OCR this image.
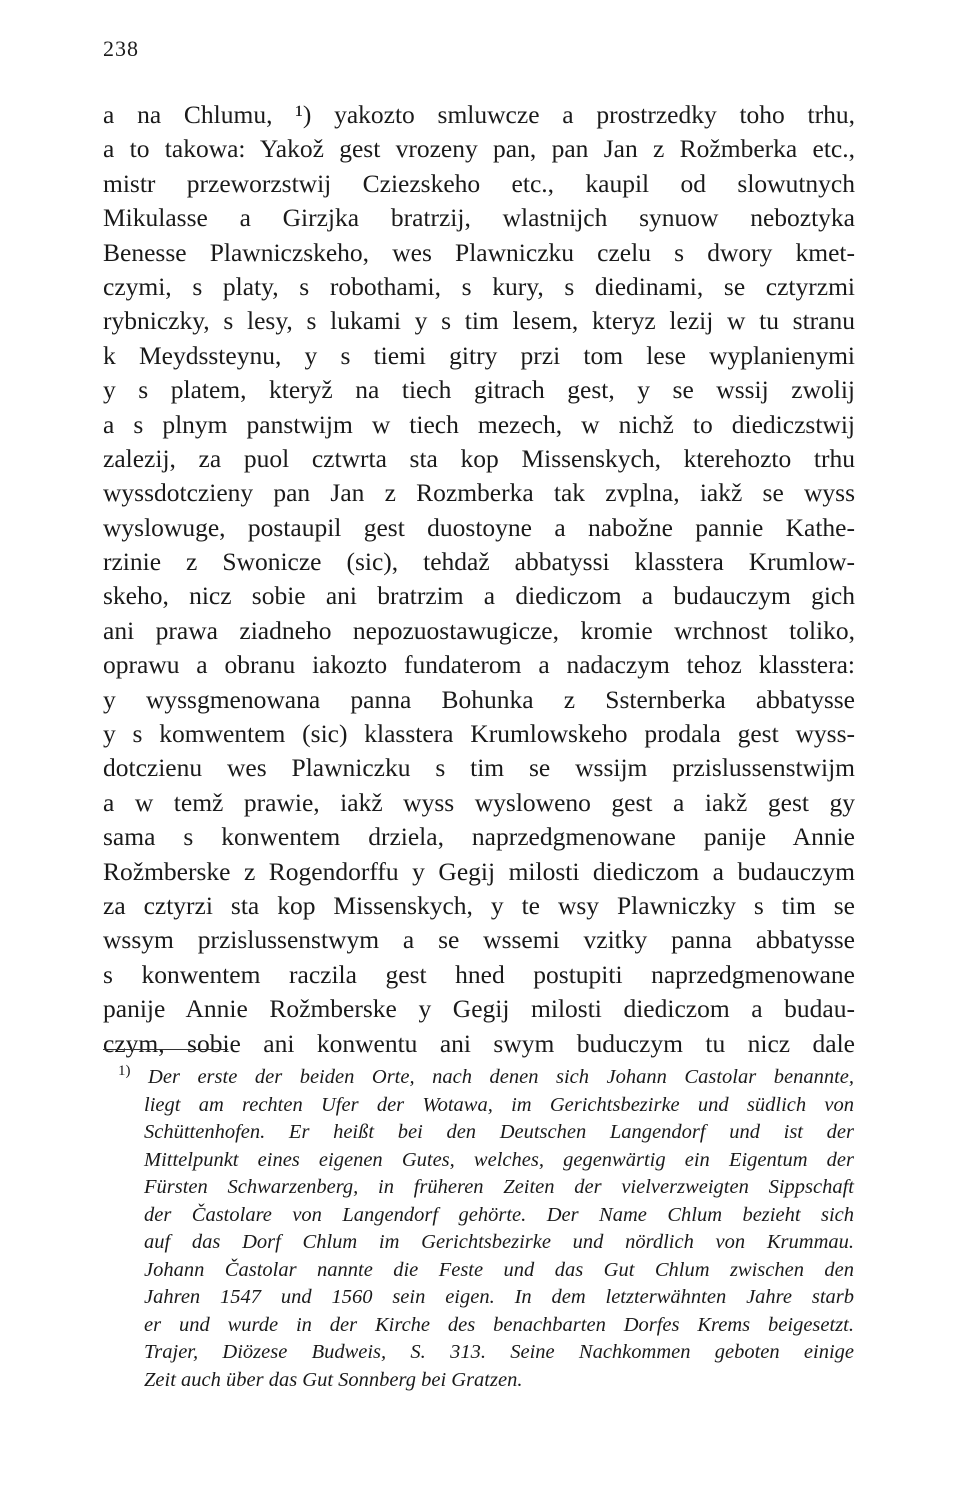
238
a na Chlumu, ¹) yakozto smluwcze a prostrzedky toho trhu,
a to takowa: Yakož gest vrozeny pan, pan Jan z Rožmberka etc.,
mistr przeworzstwij Cziezskeho etc., kaupil od slowutnych
Mikulasse a Girzjka bratrzij, wlastnijch synuow neboztyka
Benesse Plawniczskeho, wes Plawniczku czelu s dwory kmet-
czymi, s platy, s robothami, s kury, s diedinami, se cztyrzmi
rybniczky, s lesy, s lukami y s tim lesem, kteryz lezij w tu stranu
k Meydssteynu, y s tiemi gitry przi tom lese wyplanienymi
y s platem, kteryž na tiech gitrach gest, y se wssij zwolij
a s plnym panstwijm w tiech mezech, w nichž to diediczstwij
zalezij, za puol cztwrta sta kop Missenskych, kterehozto trhu
wyssdotczieny pan Jan z Rozmberka tak zvplna, iakž se wyss
wyslowuge, postaupil gest duostoyne a nabožne pannie Kathe-
rzinie z Swonicze (sic), tehdaž abbatyssi klasstera Krumlow-
skeho, nicz sobie ani bratrzim a diediczom a budauczym gich
ani prawa ziadneho nepozuostawugicze, kromie wrchnost toliko,
oprawu a obranu iakozto fundaterom a nadaczym tehoz klasstera:
y wyssgmenowana panna Bohunka z Ssternberka abbatysse
y s komwentem (sic) klasstera Krumlowskeho prodala gest wyss-
dotczienu wes Plawniczku s tim se wssijm przislussenstwijm
a w temž prawie, iakž wyss wysloweno gest a iakž gest gy
sama s konwentem drziela, naprzedgmenowane panije Annie
Rožmberske z Rogendorffu y Gegij milosti diediczom a budauczym
za cztyrzi sta kop Missenskych, y te wsy Plawniczky s tim se
wssym przislussenstwym a se wssemi vzitky panna abbatysse
s konwentem raczila gest hned postupiti naprzedgmenowane
panije Annie Rožmberske y Gegij milosti diediczom a budau-
czym, sobie ani konwentu ani swym buduczym tu nicz dale
$^{1)}$ Der erste der beiden Orte, nach denen sich Johann Castolar benannte,
liegt am rechten Ufer der Wotawa, im Gerichtsbezirke und südlich von
Schüttenhofen. Er heißt bei den Deutschen Langendorf und ist der
Mittelpunkt eines eigenen Gutes, welches, gegenwärtig ein Eigentum der
Fürsten Schwarzenberg, in früheren Zeiten der vielverzweigten Sippschaft
der Častolare von Langendorf gehörte. Der Name Chlum bezieht sich
auf das Dorf Chlum im Gerichtsbezirke und nördlich von Krummau.
Johann Častolar nannte die Feste und das Gut Chlum zwischen den
Jahren 1547 und 1560 sein eigen. In dem letzterwähnten Jahre starb
er und wurde in der Kirche des benachbarten Dorfes Krems beigesetzt.
Trajer, Diözese Budweis, S. 313. Seine Nachkommen geboten einige
Zeit auch über das Gut Sonnberg bei Gratzen.
